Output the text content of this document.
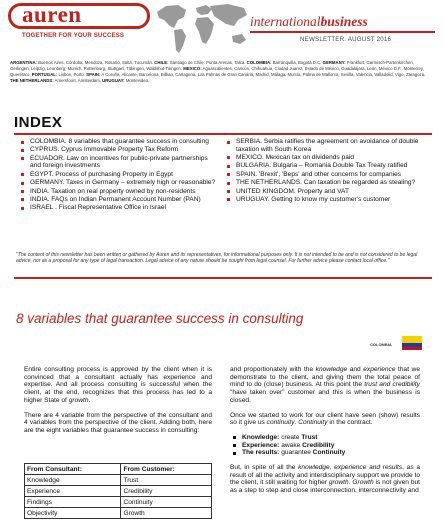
auren
TOGETHER FOR YOUR SUCCESS
internationalbusiness
NEWSLETTER. AUGUST 2016
ARGENTINA: Buenos Aires, Córdoba, Mendoza, Rosario, Salta, Tucumán. CHILE: Santiago de Chile. Punta Arenas, Talca. COLOMBIA: Barranquilla, Bogotá D.C. GERMANY: Frankfurt, Garmisch-Partenkirchen, Gerlingen, Leipzig, Leonberg, Munich, Rottenburg, Stuttgart, Tübingen, Waldshut-Tiengen. MEXICO: Aguascalientes, Cancún, Chihuahua, Ciudad Juarez, Estado de México, Guadalajara, León, México D.F., Monterrey, Querétaro. PORTUGAL: Lisbon, Porto. SPAIN: A Coruña, Alicante, Barcelona, Bilbao, Cartagena, Las Palmas de Gran Canaria, Madrid, Málaga, Murcia, Palma de Mallorca, Sevilla, Valencia, Valladolid, Vigo, Zaragoza. THE NETHERLANDS: Amersfoort, Amsterdam. URUGUAY: Montevideo.
INDEX
COLOMBIA. 8 variables that guarantee success in consulting
CYPRUS. Cyprus Immovable Property Tax Reform
ECUADOR. Law on incentives for public-private partnerships and foreign investments
EGYPT. Process of purchasing Property in Egypt
GERMANY. Taxes in Germany – extremely high or reasonable?
INDIA. Taxation on real property owned by non-residents
INDIA. FAQs on Indian Permanent Account Number (PAN)
ISRAEL . Fiscal Representative Office in Israel
SERBIA. Serbia ratifies the agreement on avoidance of double taxation with South Korea
MEXICO. Mexican tax on dividends paid
BULGARIA. Bulgaria – Romania Double Tax Treaty ratified
SPAIN. 'Brexit', 'Beps' and other concerns for companies
THE NETHERLANDS. Can taxation be regarded as stealing?
UNITED KINGDOM. Property and VAT
URUGUAY. Getting to know my customer's customer
"The content of this newsletter has been written or gathered by Auren and its representatives, for informational purposes only. It is not intended to be and is not considered to be legal advice, nor as a proposal for any type of legal transaction. Legal advice of any nature should be sought from legal counsel. For further advice please contact local office."
8 variables that guarantee success in consulting
COLOMBIA

Entire consulting process is approved by the client when it is convinced that a consultant actually has experience and expertise. And all process consulting is successful when the client, at the end, recognizes that this process has led to a higher State of growth.

There are 4 variable from the perspective of the consultant and 4 variables from the perspective of the client. Adding both, here are the eight variables that guarantee success in consulting:

From Consultant:	From Customer:
Knowledge	Trust
Experience	Credibility
Findings	Continuity
Objectivity	Growth

and proportionately with the knowledge and experience that we demonstrate to the client, and giving them the total peace of mind to do (close) business. At this point the trust and credibility "have taken over" customer and this is when the business is closed.

Once we started to work for our client have seen (show) results so it give us continuity. Continuity in the contract.

Knowledge: create Trust
Experience: awake Credibility
The results: guarantee Continuity

But, in spite of all the knowledge, experience and results, as a result of all the activity and interdisciplinary support we provide to the client, it still waiting for higher growth. Growth is not given but as a step to step and close interconnection, interconnectivity and
